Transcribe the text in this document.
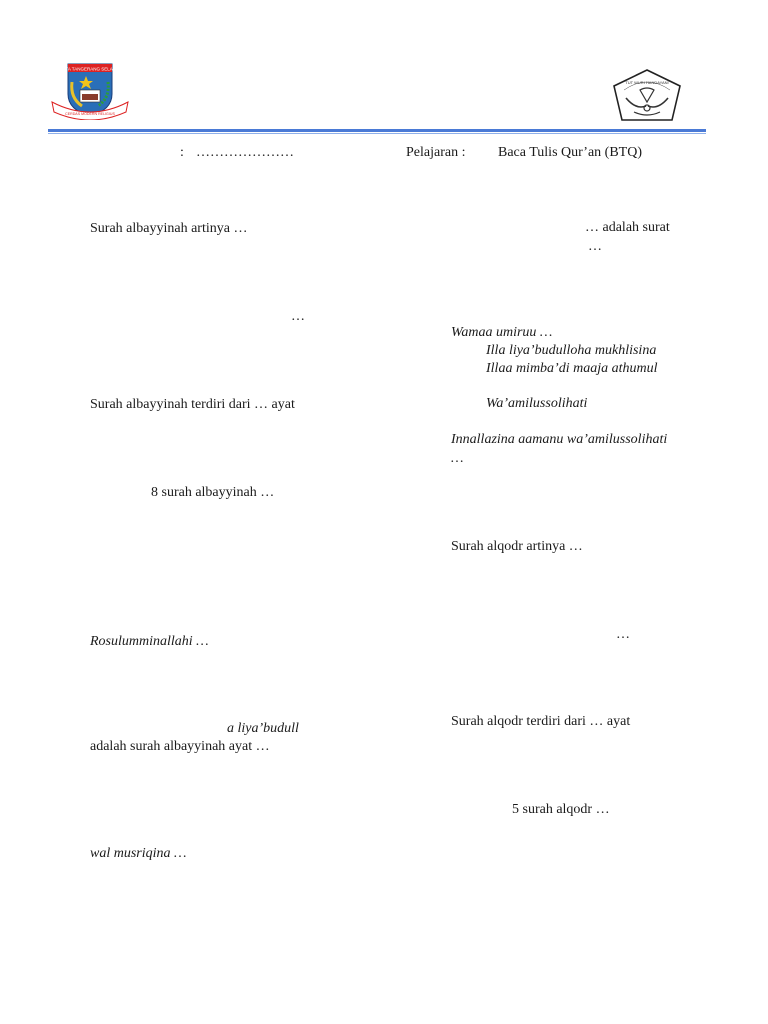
KOTA TANGERANG SELATAN
CERDAS MODERN RELIGIUS
TUT WURI HANDAYANI
: …………………	Pelajaran : Baca Tulis Qur’an (BTQ)
Surah albayyinah artinya …
…
Surah albayyinah terdiri dari … ayat
8 surah albayyinah …
Rosulumminallahi …
a liya’budull
adalah surah albayyinah ayat …
wal musriqina …
… adalah surat
…
Wamaa umiruu …
Illa liya’budulloha mukhlisina
Illaa mimba’di maaja athumul
Wa’amilussolihati
Innallazina aamanu wa’amilussolihati
…
Surah alqodr artinya …
…
Surah alqodr terdiri dari … ayat
5 surah alqodr …
